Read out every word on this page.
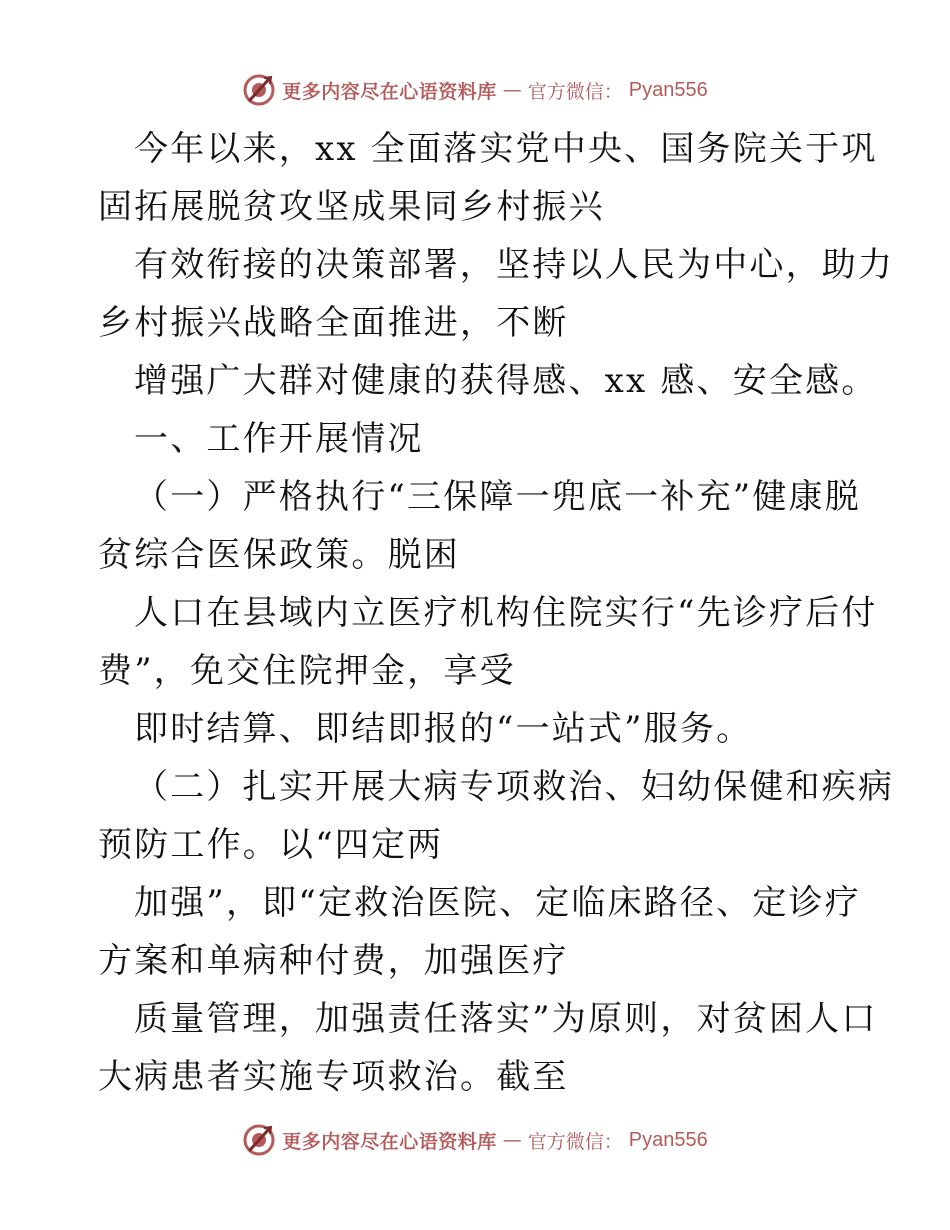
更多内容尽在心语资料库 — 官方微信： Pyan556
今年以来，xx 全面落实党中央、国务院关于巩
固拓展脱贫攻坚成果同乡村振兴
有效衔接的决策部署，坚持以人民为中心，助力
乡村振兴战略全面推进，不断
增强广大群对健康的获得感、xx 感、安全感。
一、工作开展情况
（一）严格执行“三保障一兜底一补充”健康脱
贫综合医保政策。脱困
人口在县域内立医疗机构住院实行“先诊疗后付
费”，免交住院押金，享受
即时结算、即结即报的“一站式”服务。
（二）扎实开展大病专项救治、妇幼保健和疾病
预防工作。以“四定两
加强”，即“定救治医院、定临床路径、定诊疗
方案和单病种付费，加强医疗
质量管理，加强责任落实”为原则，对贫困人口
大病患者实施专项救治。截至
更多内容尽在心语资料库 — 官方微信： Pyan556
